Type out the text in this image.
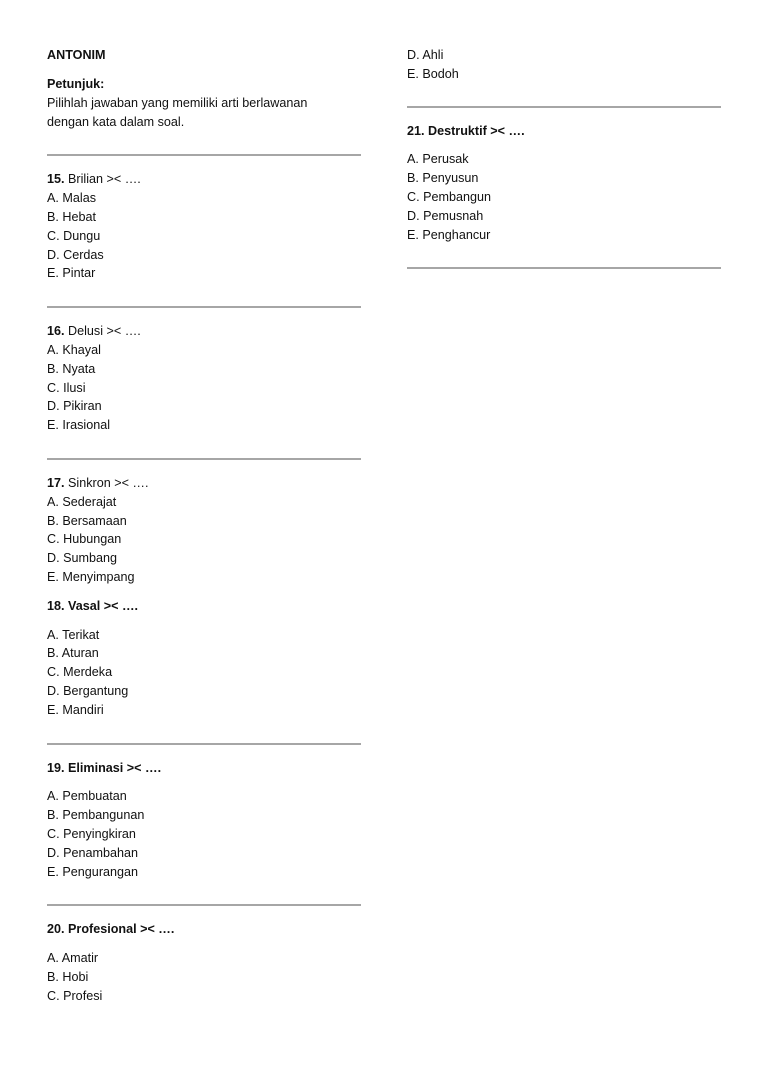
ANTONIM
Petunjuk:
Pilihlah jawaban yang memiliki arti berlawanan
dengan kata dalam soal.
15. Brilian >< ….
A. Malas
B. Hebat
C. Dungu
D. Cerdas
E. Pintar
16. Delusi >< ….
A. Khayal
B. Nyata
C. Ilusi
D. Pikiran
E. Irasional
17. Sinkron >< ….
A. Sederajat
B. Bersamaan
C. Hubungan
D. Sumbang
E. Menyimpang
18. Vasal >< ….
A. Terikat
B. Aturan
C. Merdeka
D. Bergantung
E. Mandiri
19. Eliminasi >< ….
A. Pembuatan
B. Pembangunan
C. Penyingkiran
D. Penambahan
E. Pengurangan
20. Profesional >< ….
A. Amatir
B. Hobi
C. Profesi
D. Ahli
E. Bodoh
21. Destruktif >< ….
A. Perusak
B. Penyusun
C. Pembangun
D. Pemusnah
E. Penghancur
